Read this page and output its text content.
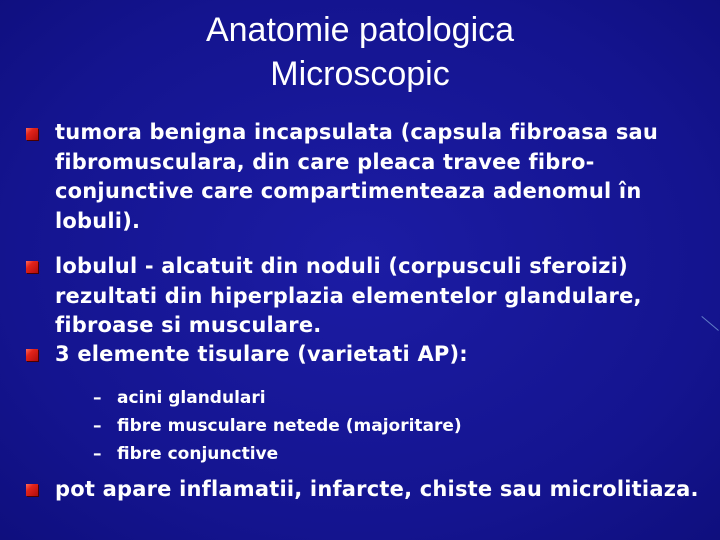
Anatomie patologica
Microscopic
tumora benigna incapsulata (capsula fibroasa sau fibromusculara, din care pleaca travee fibro-conjunctive care compartimenteaza adenomul în lobuli).
lobulul - alcatuit din noduli (corpusculi sferoizi) rezultati din hiperplazia elementelor glandulare, fibroase si musculare.
3 elemente tisulare (varietati AP):
– acini glandulari
– fibre musculare netede (majoritare)
– fibre conjunctive
pot apare inflamatii, infarcte, chiste sau microlitiaza.
